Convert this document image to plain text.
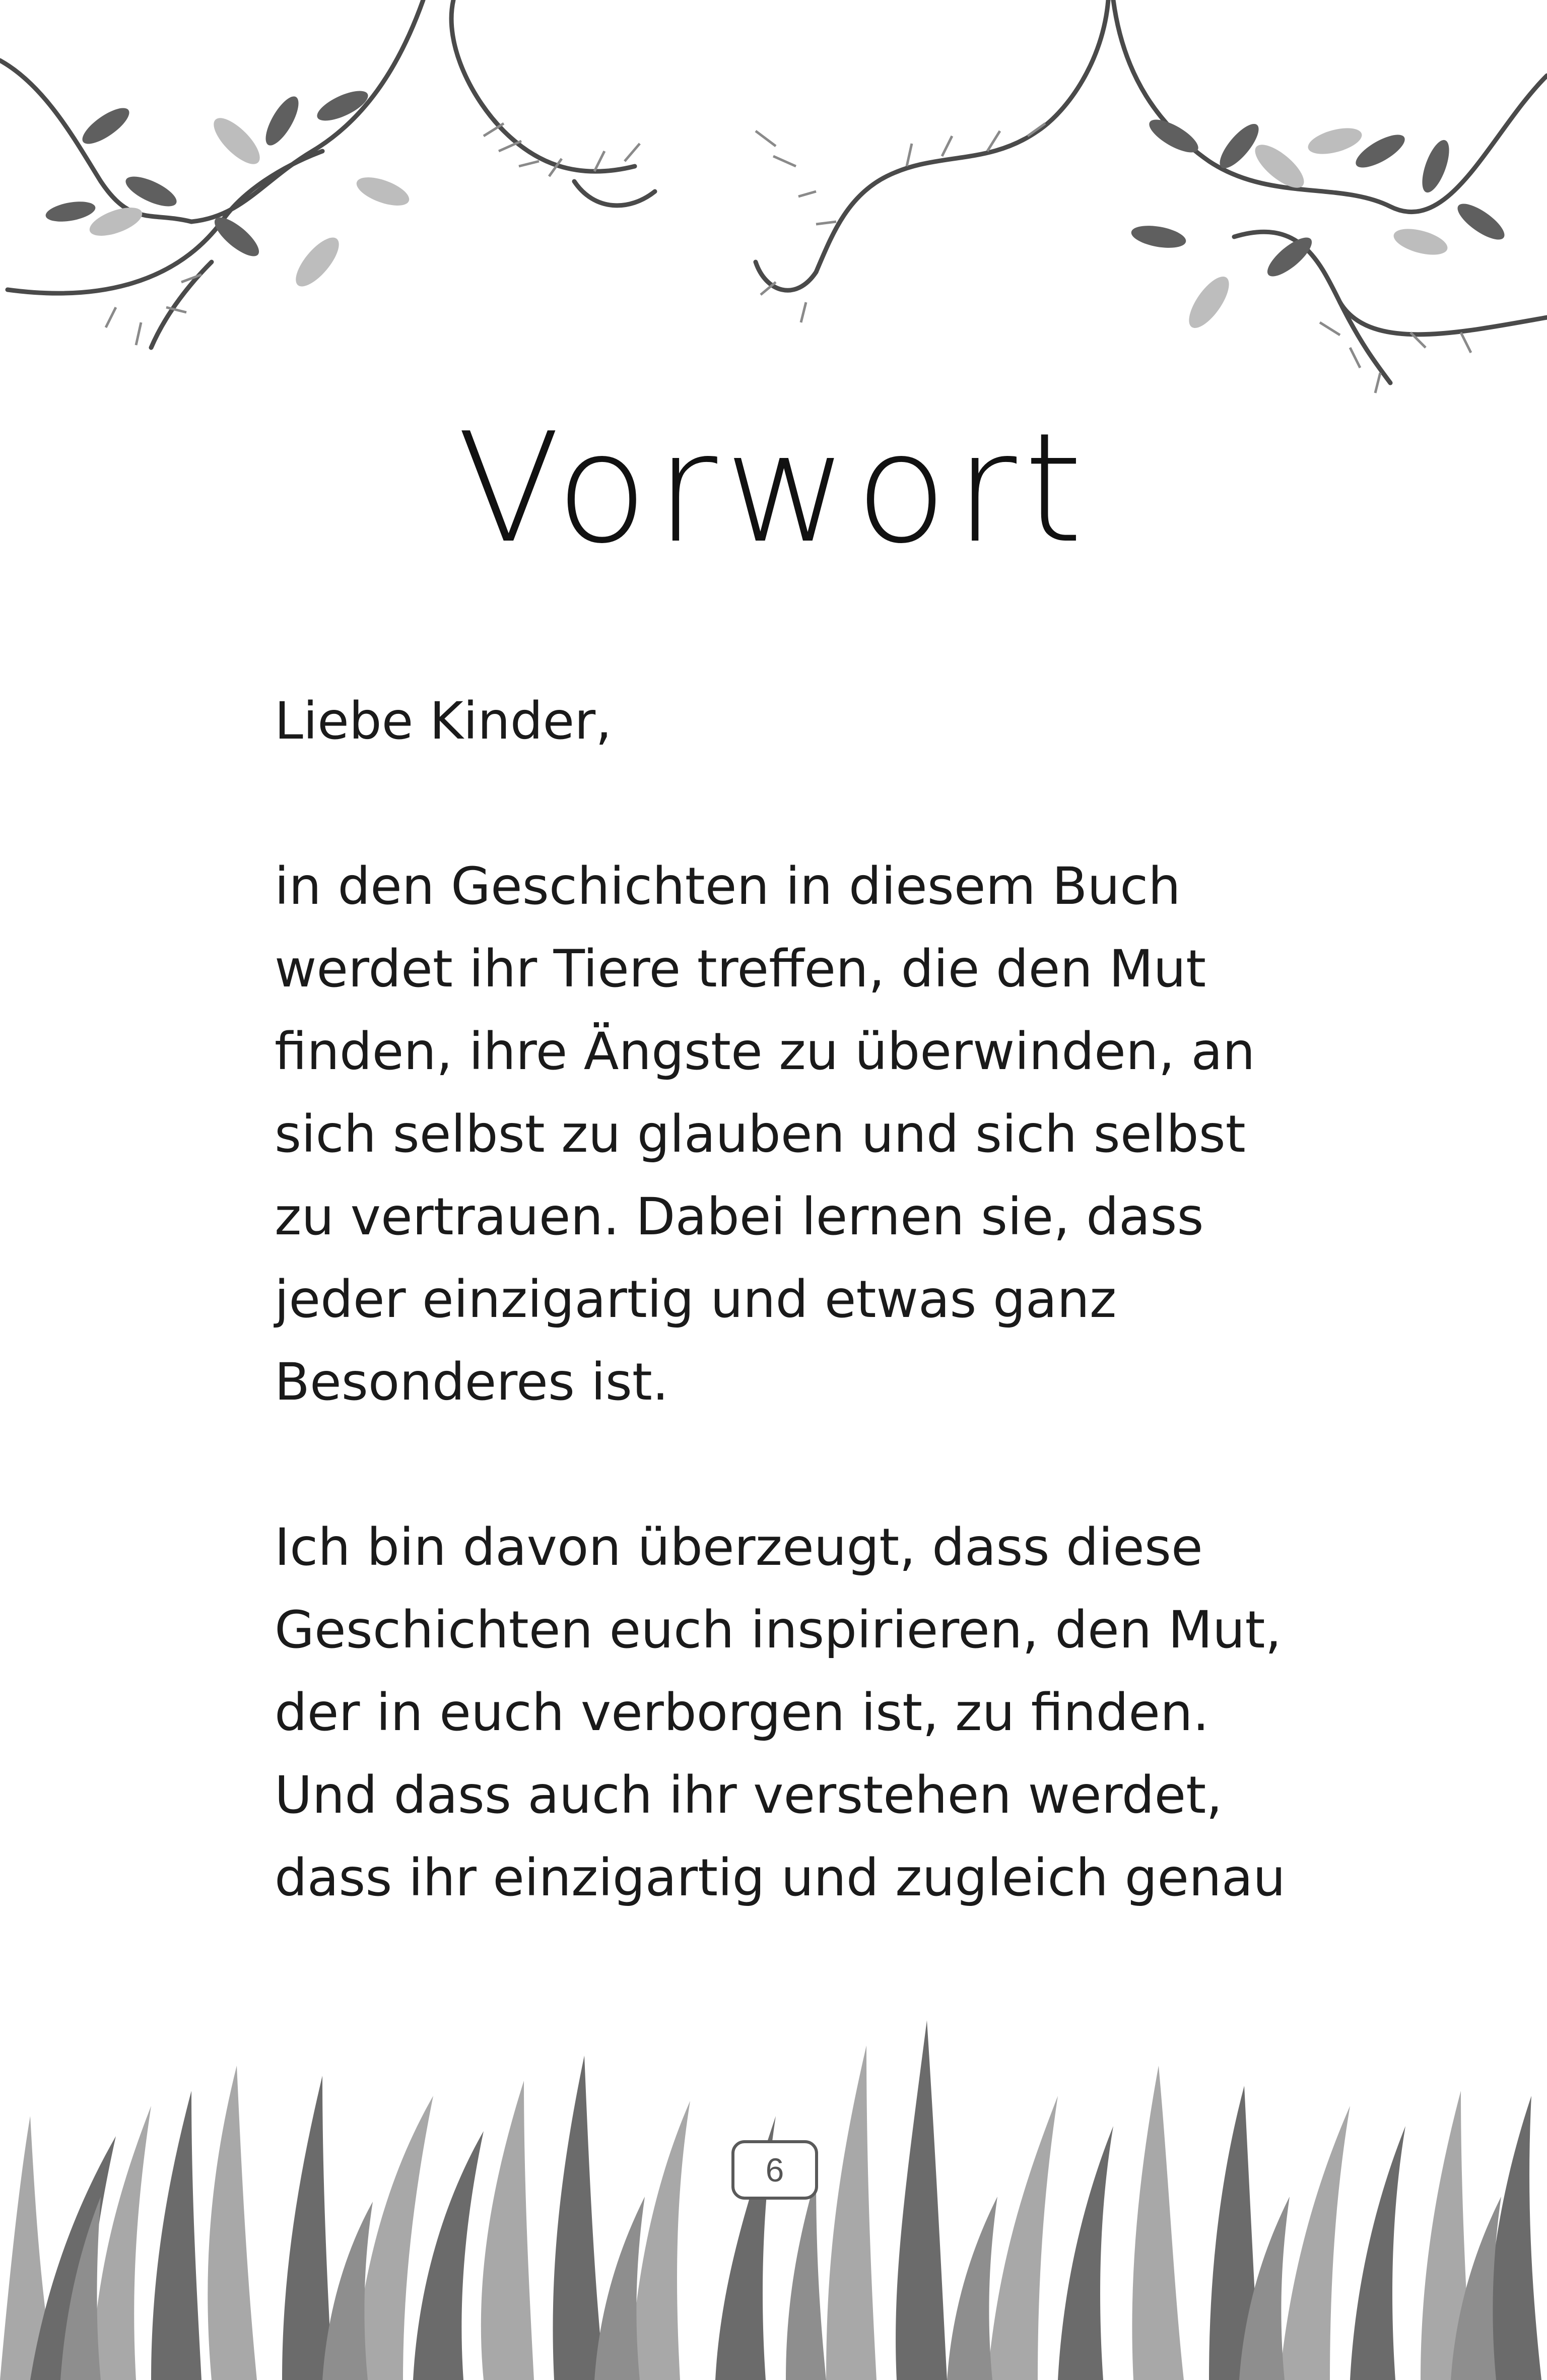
Vorwort
Liebe Kinder,
in den Geschichten in diesem Buch
werdet ihr Tiere treffen, die den Mut
finden, ihre Ängste zu überwinden, an
sich selbst zu glauben und sich selbst
zu vertrauen. Dabei lernen sie, dass
jeder einzigartig und etwas ganz
Besonderes ist.
Ich bin davon überzeugt, dass diese
Geschichten euch inspirieren, den Mut,
der in euch verborgen ist, zu finden.
Und dass auch ihr verstehen werdet,
dass ihr einzigartig und zugleich genau
6
